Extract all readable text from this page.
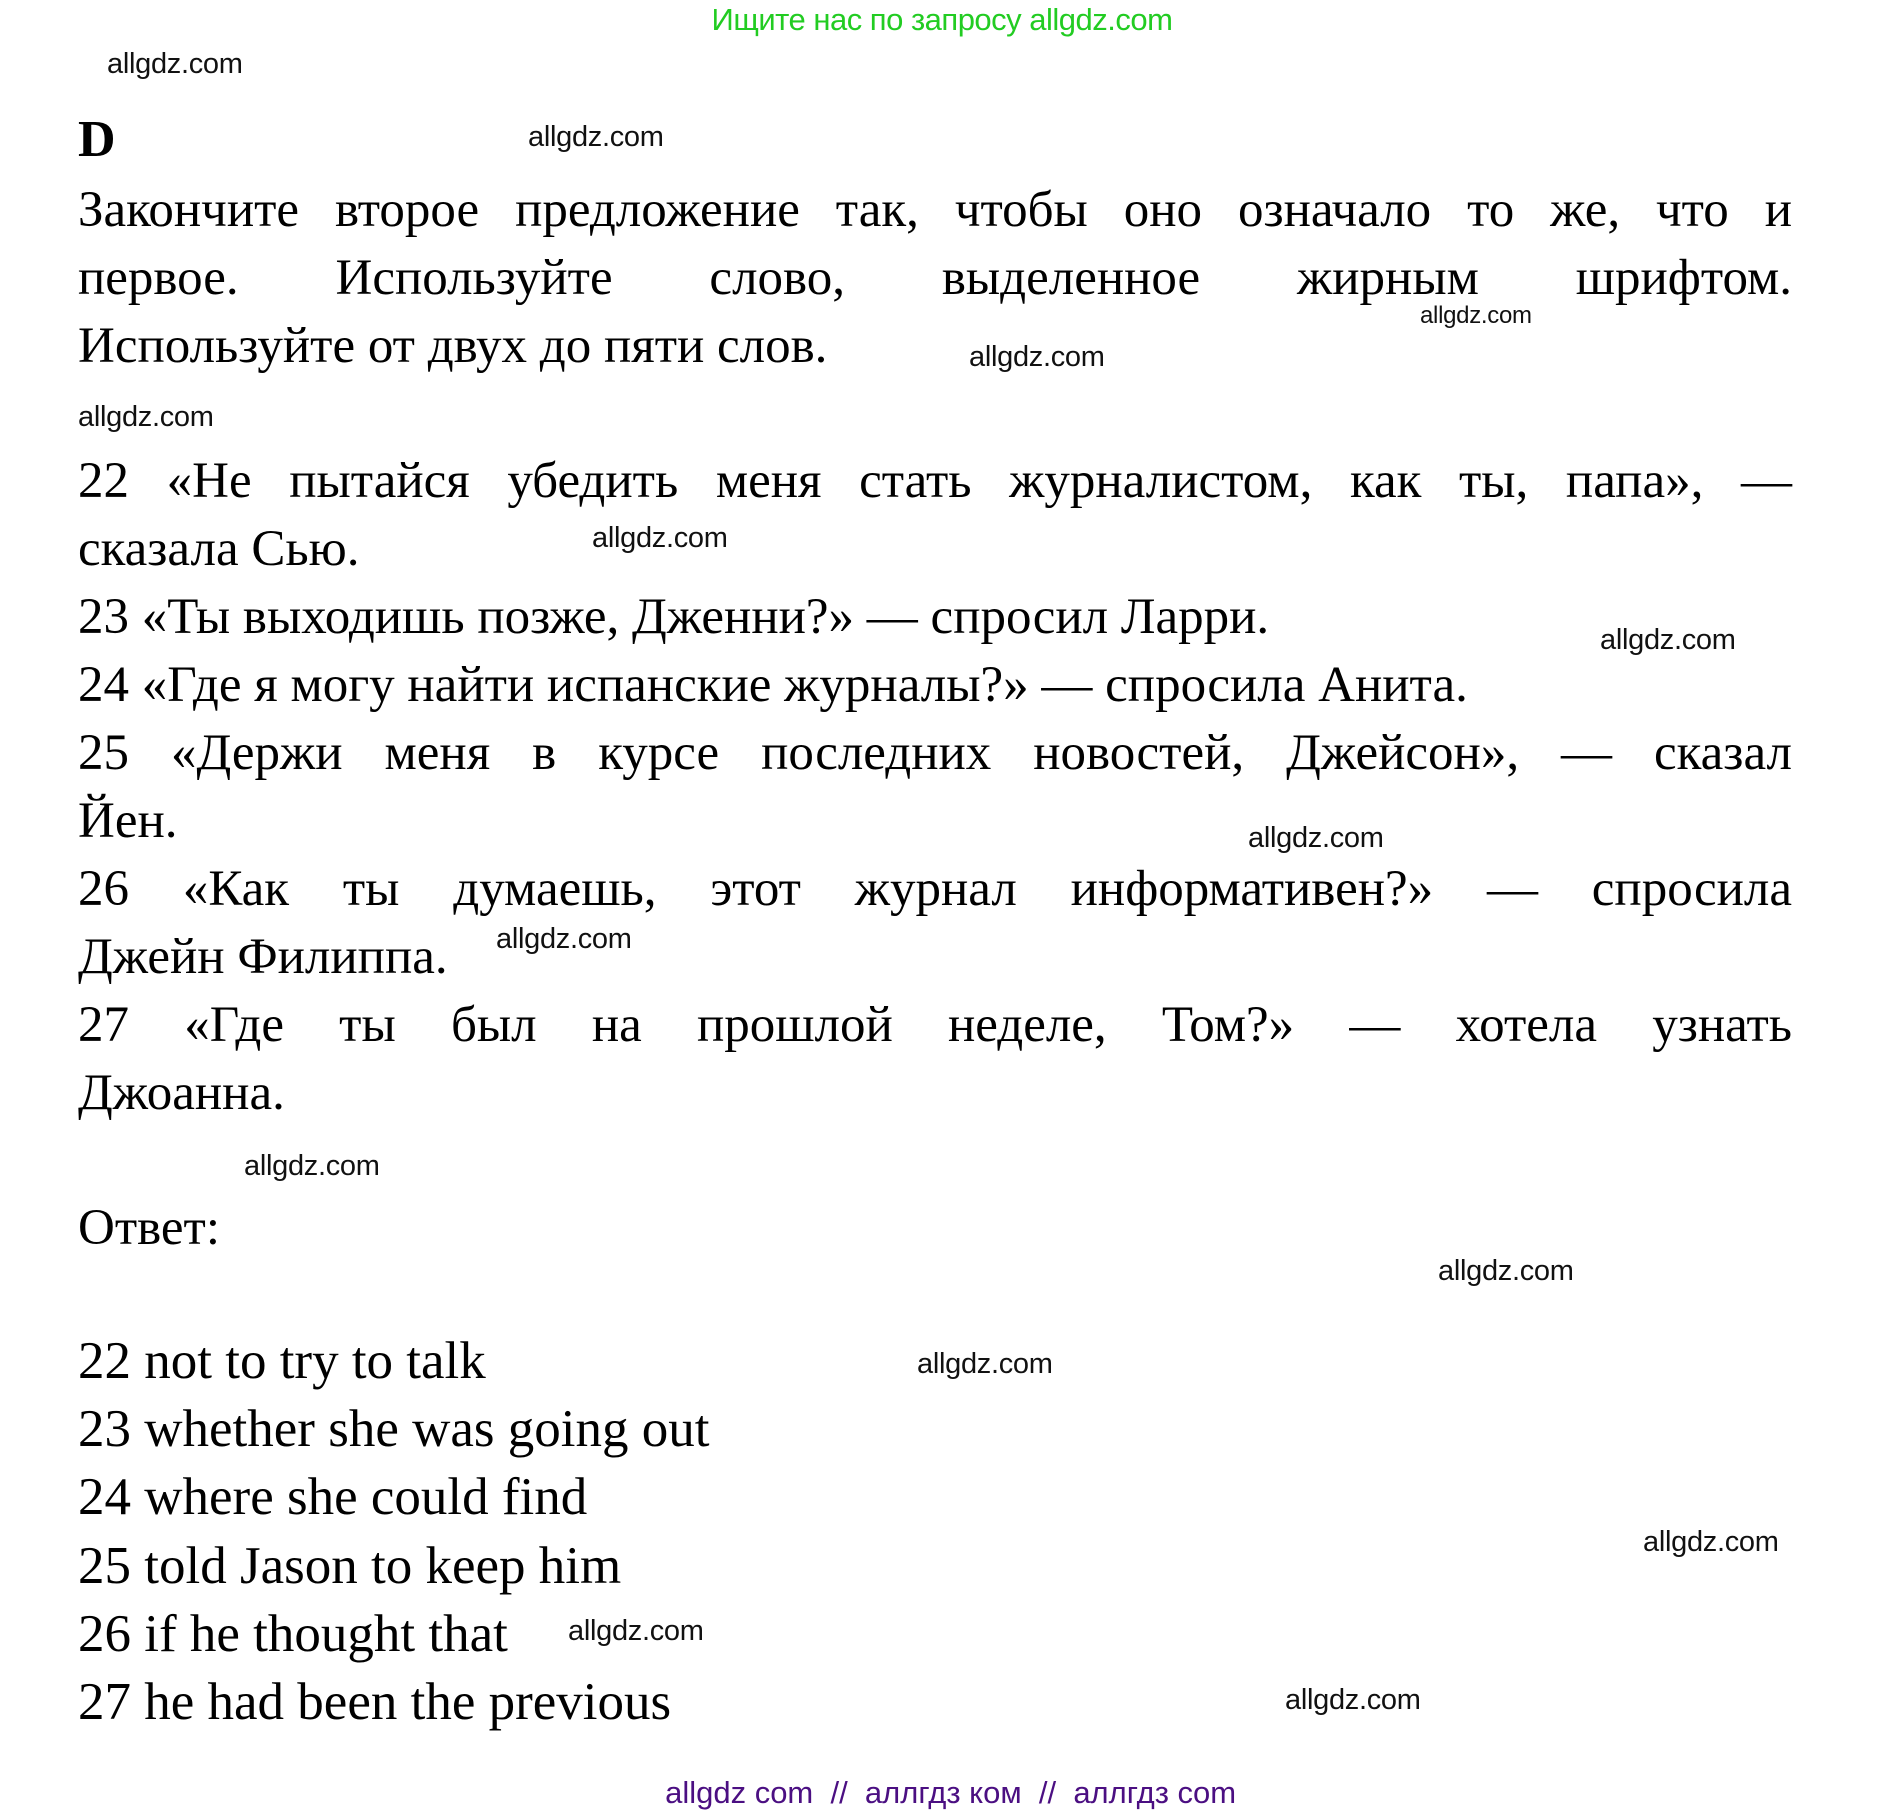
Ищите нас по запросу allgdz.com
D
Закончите второе предложение так, чтобы оно означало то же, что и
первое. Используйте слово, выделенное жирным шрифтом.
Используйте от двух до пяти слов.
22 «Не пытайся убедить меня стать журналистом, как ты, папа», —
сказала Сью.
23 «Ты выходишь позже, Дженни?» — спросил Ларри.
24 «Где я могу найти испанские журналы?» — спросила Анита.
25 «Держи меня в курсе последних новостей, Джейсон», — сказал
Йен.
26 «Как ты думаешь, этот журнал информативен?» — спросила
Джейн Филиппа.
27 «Где ты был на прошлой неделе, Том?» — хотела узнать
Джоанна.
Ответ:
22 not to try to talk
23 whether she was going out
24 where she could find
25 told Jason to keep him
26 if he thought that
27 he had been the previous
allgdz.com
allgdz.com
allgdz.com
allgdz.com
allgdz.com
allgdz.com
allgdz.com
allgdz.com
allgdz.com
allgdz.com
allgdz.com
allgdz.com
allgdz.com
allgdz.com
allgdz.com

allgdz com  //  аллгдз ком  //  аллгдз com
